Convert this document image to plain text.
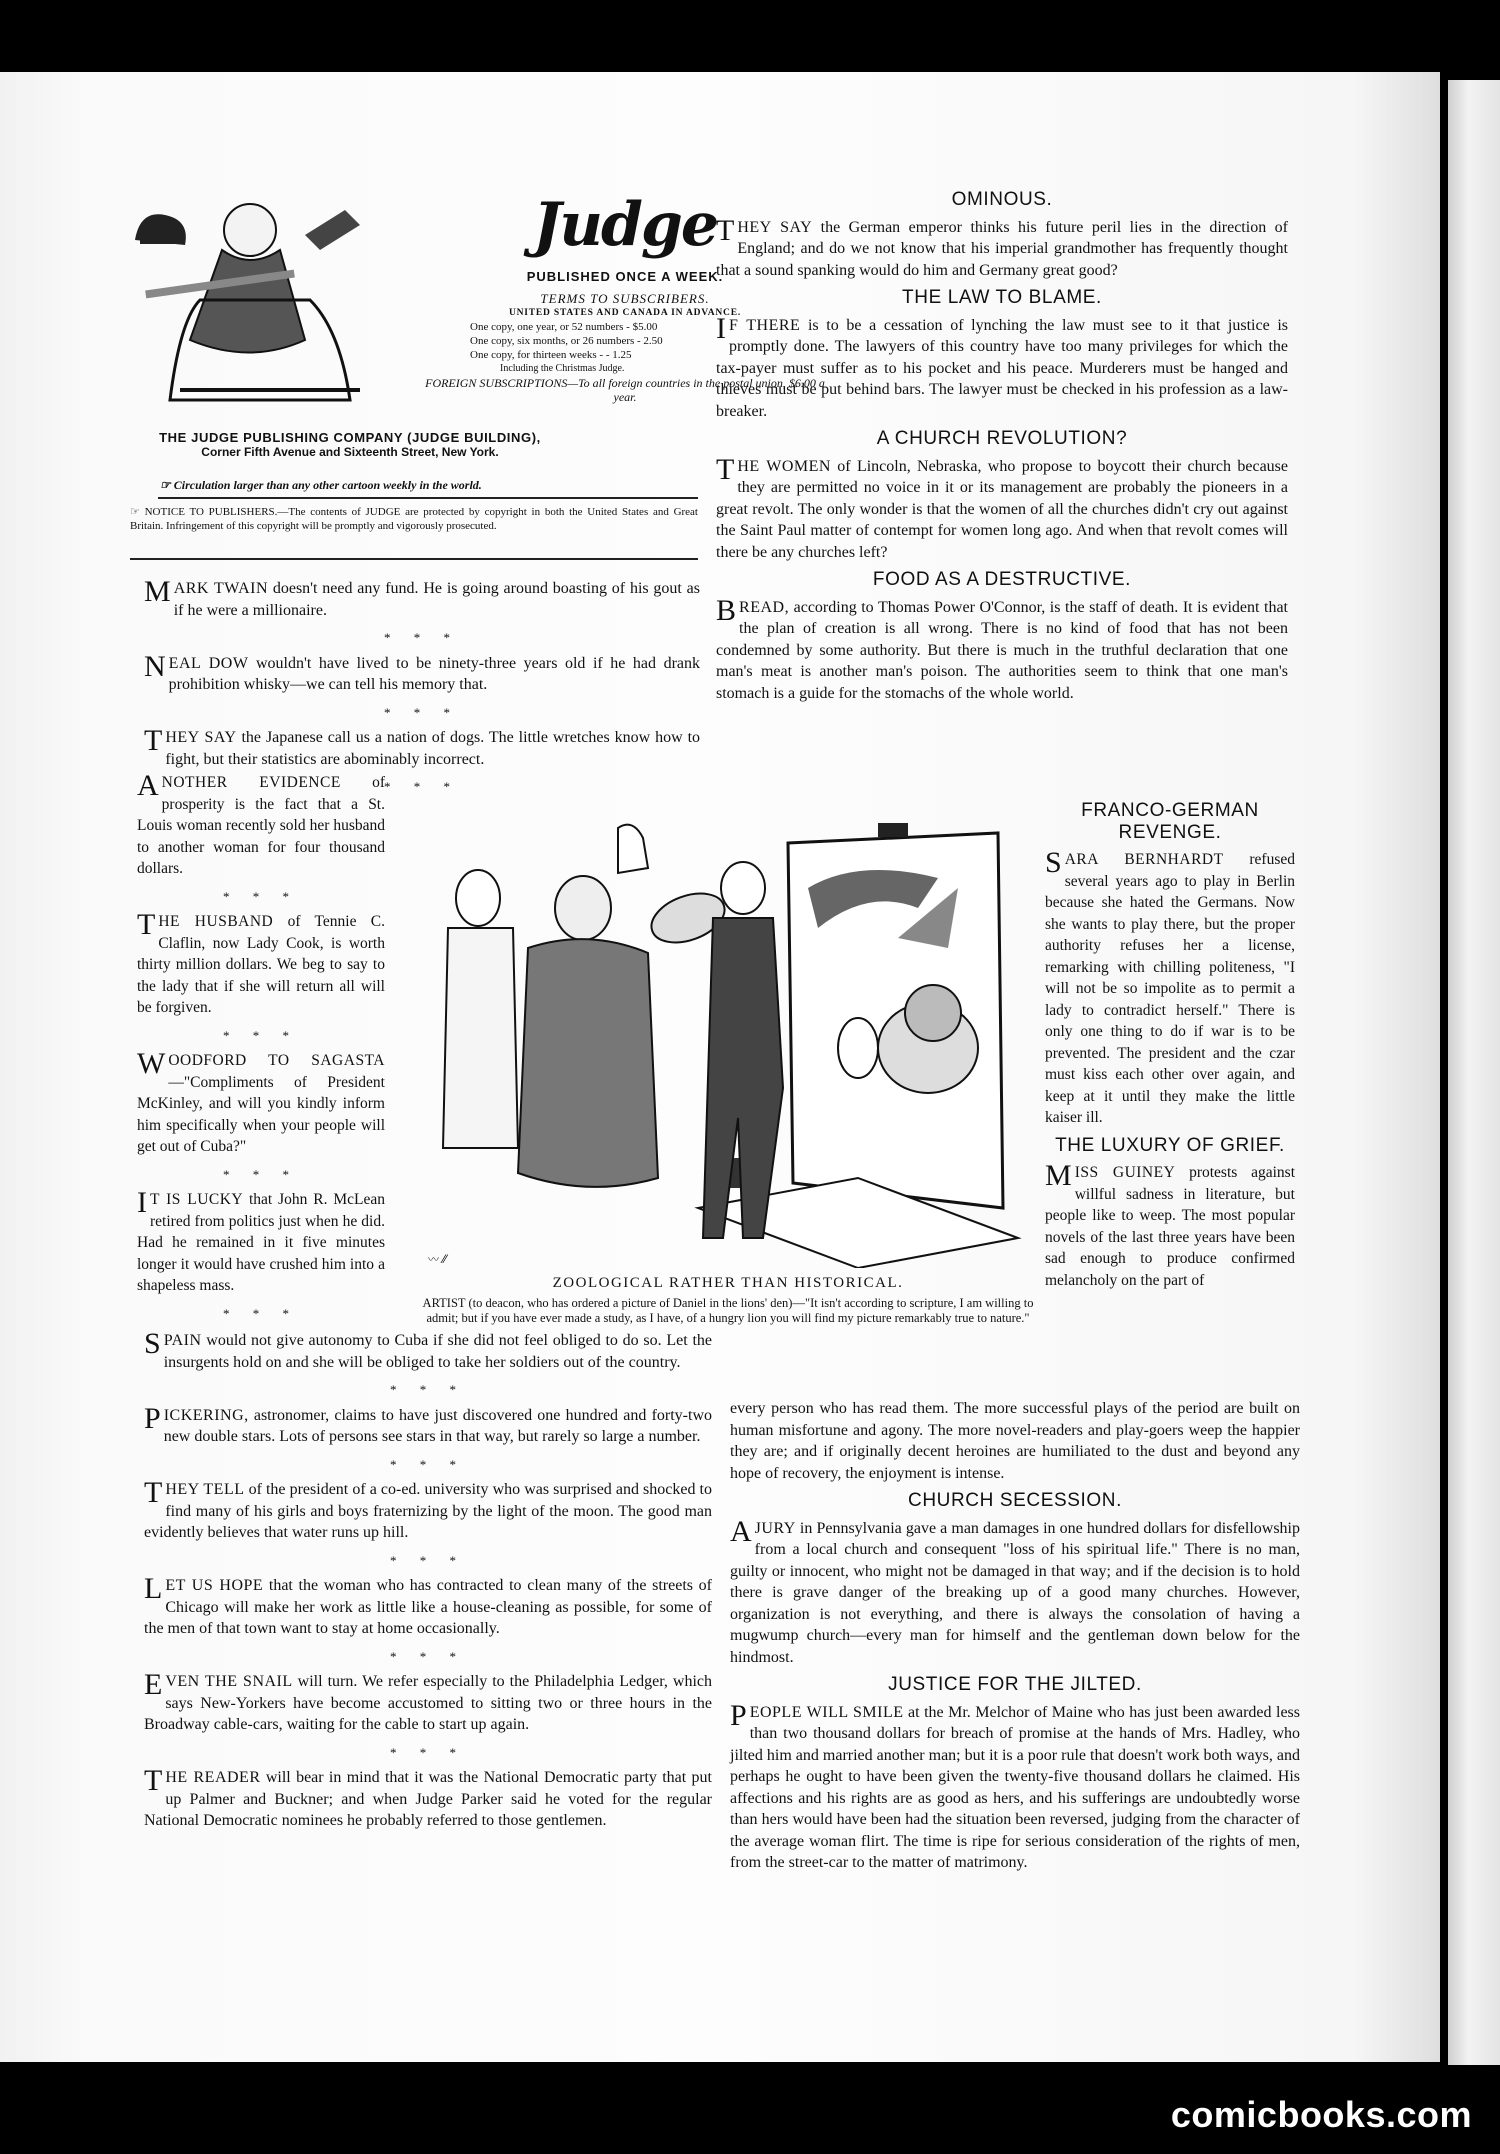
Judge
PUBLISHED ONCE A WEEK.
TERMS TO SUBSCRIBERS.
UNITED STATES AND CANADA IN ADVANCE.
One copy, one year, or 52 numbers - $5.00
One copy, six months, or 26 numbers - 2.50
One copy, for thirteen weeks - - 1.25
Including the Christmas Judge.
FOREIGN SUBSCRIPTIONS—To all foreign countries in the postal union, $6.00 a year.
THE JUDGE PUBLISHING COMPANY (JUDGE BUILDING),
Corner Fifth Avenue and Sixteenth Street, New York.
☞ Circulation larger than any other cartoon weekly in the world.
☞ NOTICE TO PUBLISHERS.—The contents of JUDGE are protected by copyright in both the United States and Great Britain. Infringement of this copyright will be promptly and vigorously prosecuted.

MARK TWAIN doesn't need any fund. He is going around boasting of his gout as if he were a millionaire.

* * *

NEAL DOW wouldn't have lived to be ninety-three years old if he had drank prohibition whisky—we can tell his memory that.

* * *

THEY SAY the Japanese call us a nation of dogs. The little wretches know how to fight, but their statistics are abominably incorrect.

* * *

ANOTHER EVIDENCE of prosperity is the fact that a St. Louis woman recently sold her husband to another woman for four thousand dollars.

* * *

THE HUSBAND of Tennie C. Claflin, now Lady Cook, is worth thirty million dollars. We beg to say to the lady that if she will return all will be forgiven.

* * *

WOODFORD TO SAGASTA—"Compliments of President McKinley, and will you kindly inform him specifically when your people will get out of Cuba?"

* * *

I T IS LUCKY that John R. McLean retired from politics just when he did. Had he remained in it five minutes longer it would have crushed him into a shapeless mass.

* * *

SPAIN would not give autonomy to Cuba if she did not feel obliged to do so. Let the insurgents hold on and she will be obliged to take her soldiers out of the country.

* * *

PICKERING, astronomer, claims to have just discovered one hundred and forty-two new double stars. Lots of persons see stars in that way, but rarely so large a number.

* * *

THEY TELL of the president of a co-ed. university who was surprised and shocked to find many of his girls and boys fraternizing by the light of the moon. The good man evidently believes that water runs up hill.

* * *

LET US HOPE that the woman who has contracted to clean many of the streets of Chicago will make her work as little like a house-cleaning as possible, for some of the men of that town want to stay at home occasionally.

* * *

EVEN THE SNAIL will turn. We refer especially to the Philadelphia Ledger, which says New-Yorkers have become accustomed to sitting two or three hours in the Broadway cable-cars, waiting for the cable to start up again.

* * *

THE READER will bear in mind that it was the National Democratic party that put up Palmer and Buckner; and when Judge Parker said he voted for the regular National Democratic nominees he probably referred to those gentlemen.

OMINOUS.

THEY SAY the German emperor thinks his future peril lies in the direction of England; and do we not know that his imperial grandmother has frequently thought that a sound spanking would do him and Germany great good?

THE LAW TO BLAME.

I F THERE is to be a cessation of lynching the law must see to it that justice is promptly done. The lawyers of this country have too many privileges for which the tax-payer must suffer as to his pocket and his peace. Murderers must be hanged and thieves must be put behind bars. The lawyer must be checked in his profession as a law-breaker.

A CHURCH REVOLUTION?

THE WOMEN of Lincoln, Nebraska, who propose to boycott their church because they are permitted no voice in it or its management are probably the pioneers in a great revolt. The only wonder is that the women of all the churches didn't cry out against the Saint Paul matter of contempt for women long ago. And when that revolt comes will there be any churches left?

FOOD AS A DESTRUCTIVE.

BREAD, according to Thomas Power O'Connor, is the staff of death. It is evident that the plan of creation is all wrong. There is no kind of food that has not been condemned by some authority. But there is much in the truthful declaration that one man's meat is another man's poison. The authorities seem to think that one man's stomach is a guide for the stomachs of the whole world.

FRANCO-GERMAN REVENGE.

SARA BERNHARDT refused several years ago to play in Berlin because she hated the Germans. Now she wants to play there, but the proper authority refuses her a license, remarking with chilling politeness, "I will not be so impolite as to permit a lady to contradict herself." There is only one thing to do if war is to be prevented. The president and the czar must kiss each other over again, and keep at it until they make the little kaiser ill.

THE LUXURY OF GRIEF.

MISS GUINEY protests against willful sadness in literature, but people like to weep. The most popular novels of the last three years have been sad enough to produce confirmed melancholy on the part of

every person who has read them. The more successful plays of the period are built on human misfortune and agony. The more novel-readers and play-goers weep the happier they are; and if originally decent heroines are humiliated to the dust and beyond any hope of recovery, the enjoyment is intense.

CHURCH SECESSION.

A JURY in Pennsylvania gave a man damages in one hundred dollars for disfellowship from a local church and consequent "loss of his spiritual life." There is no man, guilty or innocent, who might not be damaged in that way; and if the decision is to hold there is grave danger of the breaking up of a good many churches. However, organization is not everything, and there is always the consolation of having a mugwump church—every man for himself and the gentleman down below for the hindmost.

JUSTICE FOR THE JILTED.

PEOPLE WILL SMILE at the Mr. Melchor of Maine who has just been awarded less than two thousand dollars for breach of promise at the hands of Mrs. Hadley, who jilted him and married another man; but it is a poor rule that doesn't work both ways, and perhaps he ought to have been given the twenty-five thousand dollars he claimed. His affections and his rights are as good as hers, and his sufferings are undoubtedly worse than hers would have been had the situation been reversed, judging from the character of the average woman flirt. The time is ripe for serious consideration of the rights of men, from the street-car to the matter of matrimony.

〰 ⁄⁄
ZOOLOGICAL RATHER THAN HISTORICAL.
ARTIST (to deacon, who has ordered a picture of Daniel in the lions' den)—"It isn't according to scripture, I am willing to admit; but if you have ever made a study, as I have, of a hungry lion you will find my picture remarkably true to nature."
comicbooks.com
